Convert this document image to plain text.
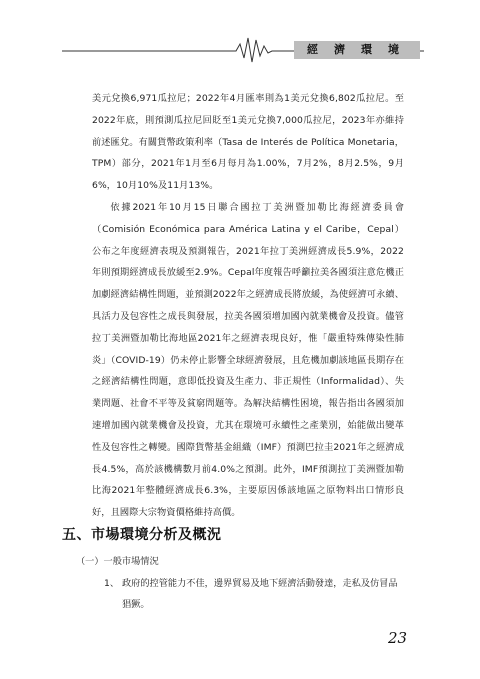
經濟環境

美元兌換6,971瓜拉尼；2022年4月匯率則為1美元兌換6,802瓜拉尼。至2022年底，則預測瓜拉尼回貶至1美元兌換7,000瓜拉尼，2023年亦維持前述匯兌。有關貨幣政策利率（Tasa de Interés de Política Monetaria，TPM）部分，2021年1月至6月每月為1.00%，7月2%，8月2.5%，9月6%，10月10%及11月13%。

依據2021年10月15日聯合國拉丁美洲暨加勒比海經濟委員會（Comisión Económica para América Latina y el Caribe，Cepal）公布之年度經濟表現及預測報告，2021年拉丁美洲經濟成長5.9%，2022年則預期經濟成長放緩至2.9%。Cepal年度報告呼籲拉美各國須注意危機正加劇經濟結構性問題，並預測2022年之經濟成長將放緩，為使經濟可永續、具活力及包容性之成長與發展，拉美各國須增加國內就業機會及投資。儘管拉丁美洲暨加勒比海地區2021年之經濟表現良好，惟「嚴重特殊傳染性肺炎」（COVID-19）仍未停止影響全球經濟發展，且危機加劇該地區長期存在之經濟結構性問題，意即低投資及生產力、非正規性（Informalidad）、失業問題、社會不平等及貧窮問題等。為解決結構性困境，報告指出各國須加速增加國內就業機會及投資，尤其在環境可永續性之產業別，始能做出變革性及包容性之轉變。國際貨幣基金組織（IMF）預測巴拉圭2021年之經濟成長4.5%，高於該機構數月前4.0%之預測。此外，IMF預測拉丁美洲暨加勒比海2021年整體經濟成長6.3%，主要原因係該地區之原物料出口情形良好，且國際大宗物資價格維持高價。

五、市場環境分析及概況
（一）一般市場情況
1、 政府的控管能力不佳，邊界貿易及地下經濟活動發達，走私及仿冒品猖獗。
23
